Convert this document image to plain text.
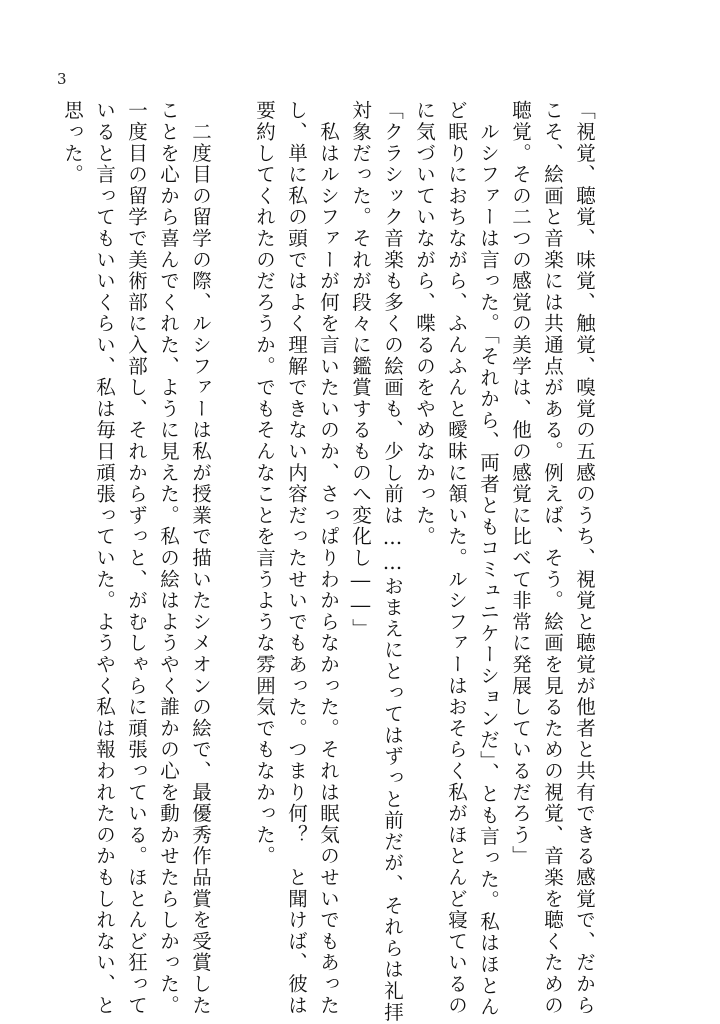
3
「視覚、聴覚、味覚、触覚、嗅覚の五感のうち、視覚と聴覚が他者と共有できる感覚で、だから
こそ、絵画と音楽には共通点がある。例えば、そう。絵画を見るための視覚、音楽を聴くための
聴覚。その二つの感覚の美学は、他の感覚に比べて非常に発展しているだろう」
　ルシファーは言った。「それから、両者ともコミュニケーションだ」、とも言った。私はほとん
ど眠りにおちながら、ふんふんと曖昧に頷いた。ルシファーはおそらく私がほとんど寝ているの
に気づいていながら、喋るのをやめなかった。
「クラシック音楽も多くの絵画も、少し前は……おまえにとってはずっと前だが、それらは礼拝
対象だった。それが段々に鑑賞するものへ変化し――」
　私はルシファーが何を言いたいのか、さっぱりわからなかった。それは眠気のせいでもあった
し、単に私の頭ではよく理解できない内容だったせいでもあった。つまり何？　と聞けば、彼は
要約してくれたのだろうか。でもそんなことを言うような雰囲気でもなかった。
　二度目の留学の際、ルシファーは私が授業で描いたシメオンの絵で、最優秀作品賞を受賞した
ことを心から喜んでくれた、ように見えた。私の絵はようやく誰かの心を動かせたらしかった。
一度目の留学で美術部に入部し、それからずっと、がむしゃらに頑張っている。ほとんど狂って
いると言ってもいいくらい、私は毎日頑張っていた。ようやく私は報われたのかもしれない、と
思った。
